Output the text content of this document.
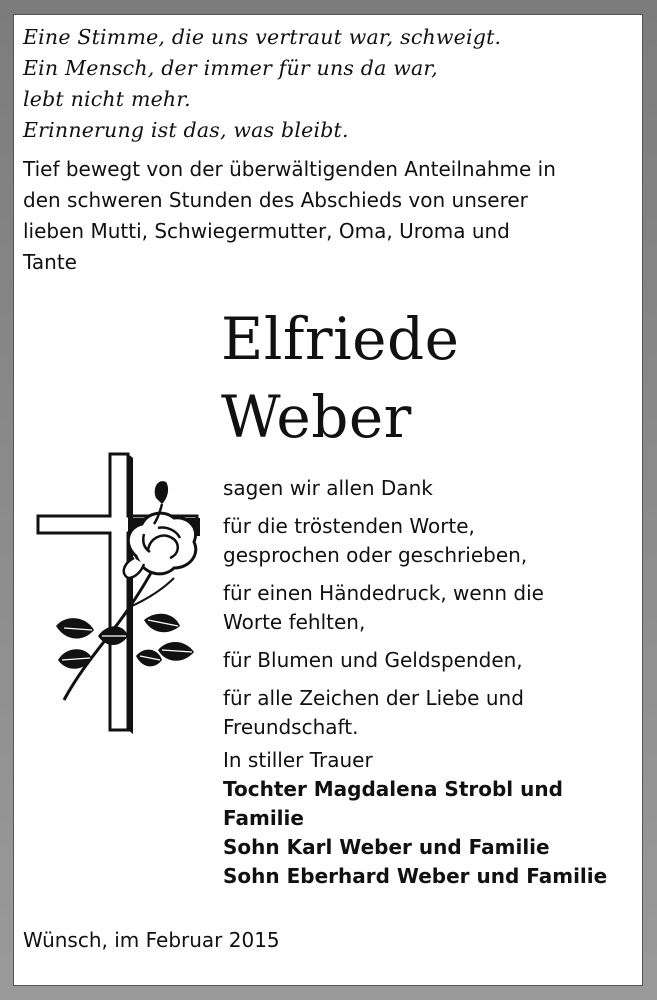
Eine Stimme, die uns vertraut war, schweigt.
Ein Mensch, der immer für uns da war,
lebt nicht mehr.
Erinnerung ist das, was bleibt.
Tief bewegt von der überwältigenden Anteilnahme in
den schweren Stunden des Abschieds von unserer
lieben Mutti, Schwiegermutter, Oma, Uroma und
Tante
Elfriede
Weber
sagen wir allen Dank
für die tröstenden Worte,
gesprochen oder geschrieben,
für einen Händedruck, wenn die
Worte fehlten,
für Blumen und Geldspenden,
für alle Zeichen der Liebe und
Freundschaft.
In stiller Trauer
Tochter Magdalena Strobl und
Familie
Sohn Karl Weber und Familie
Sohn Eberhard Weber und Familie
Wünsch, im Februar 2015
